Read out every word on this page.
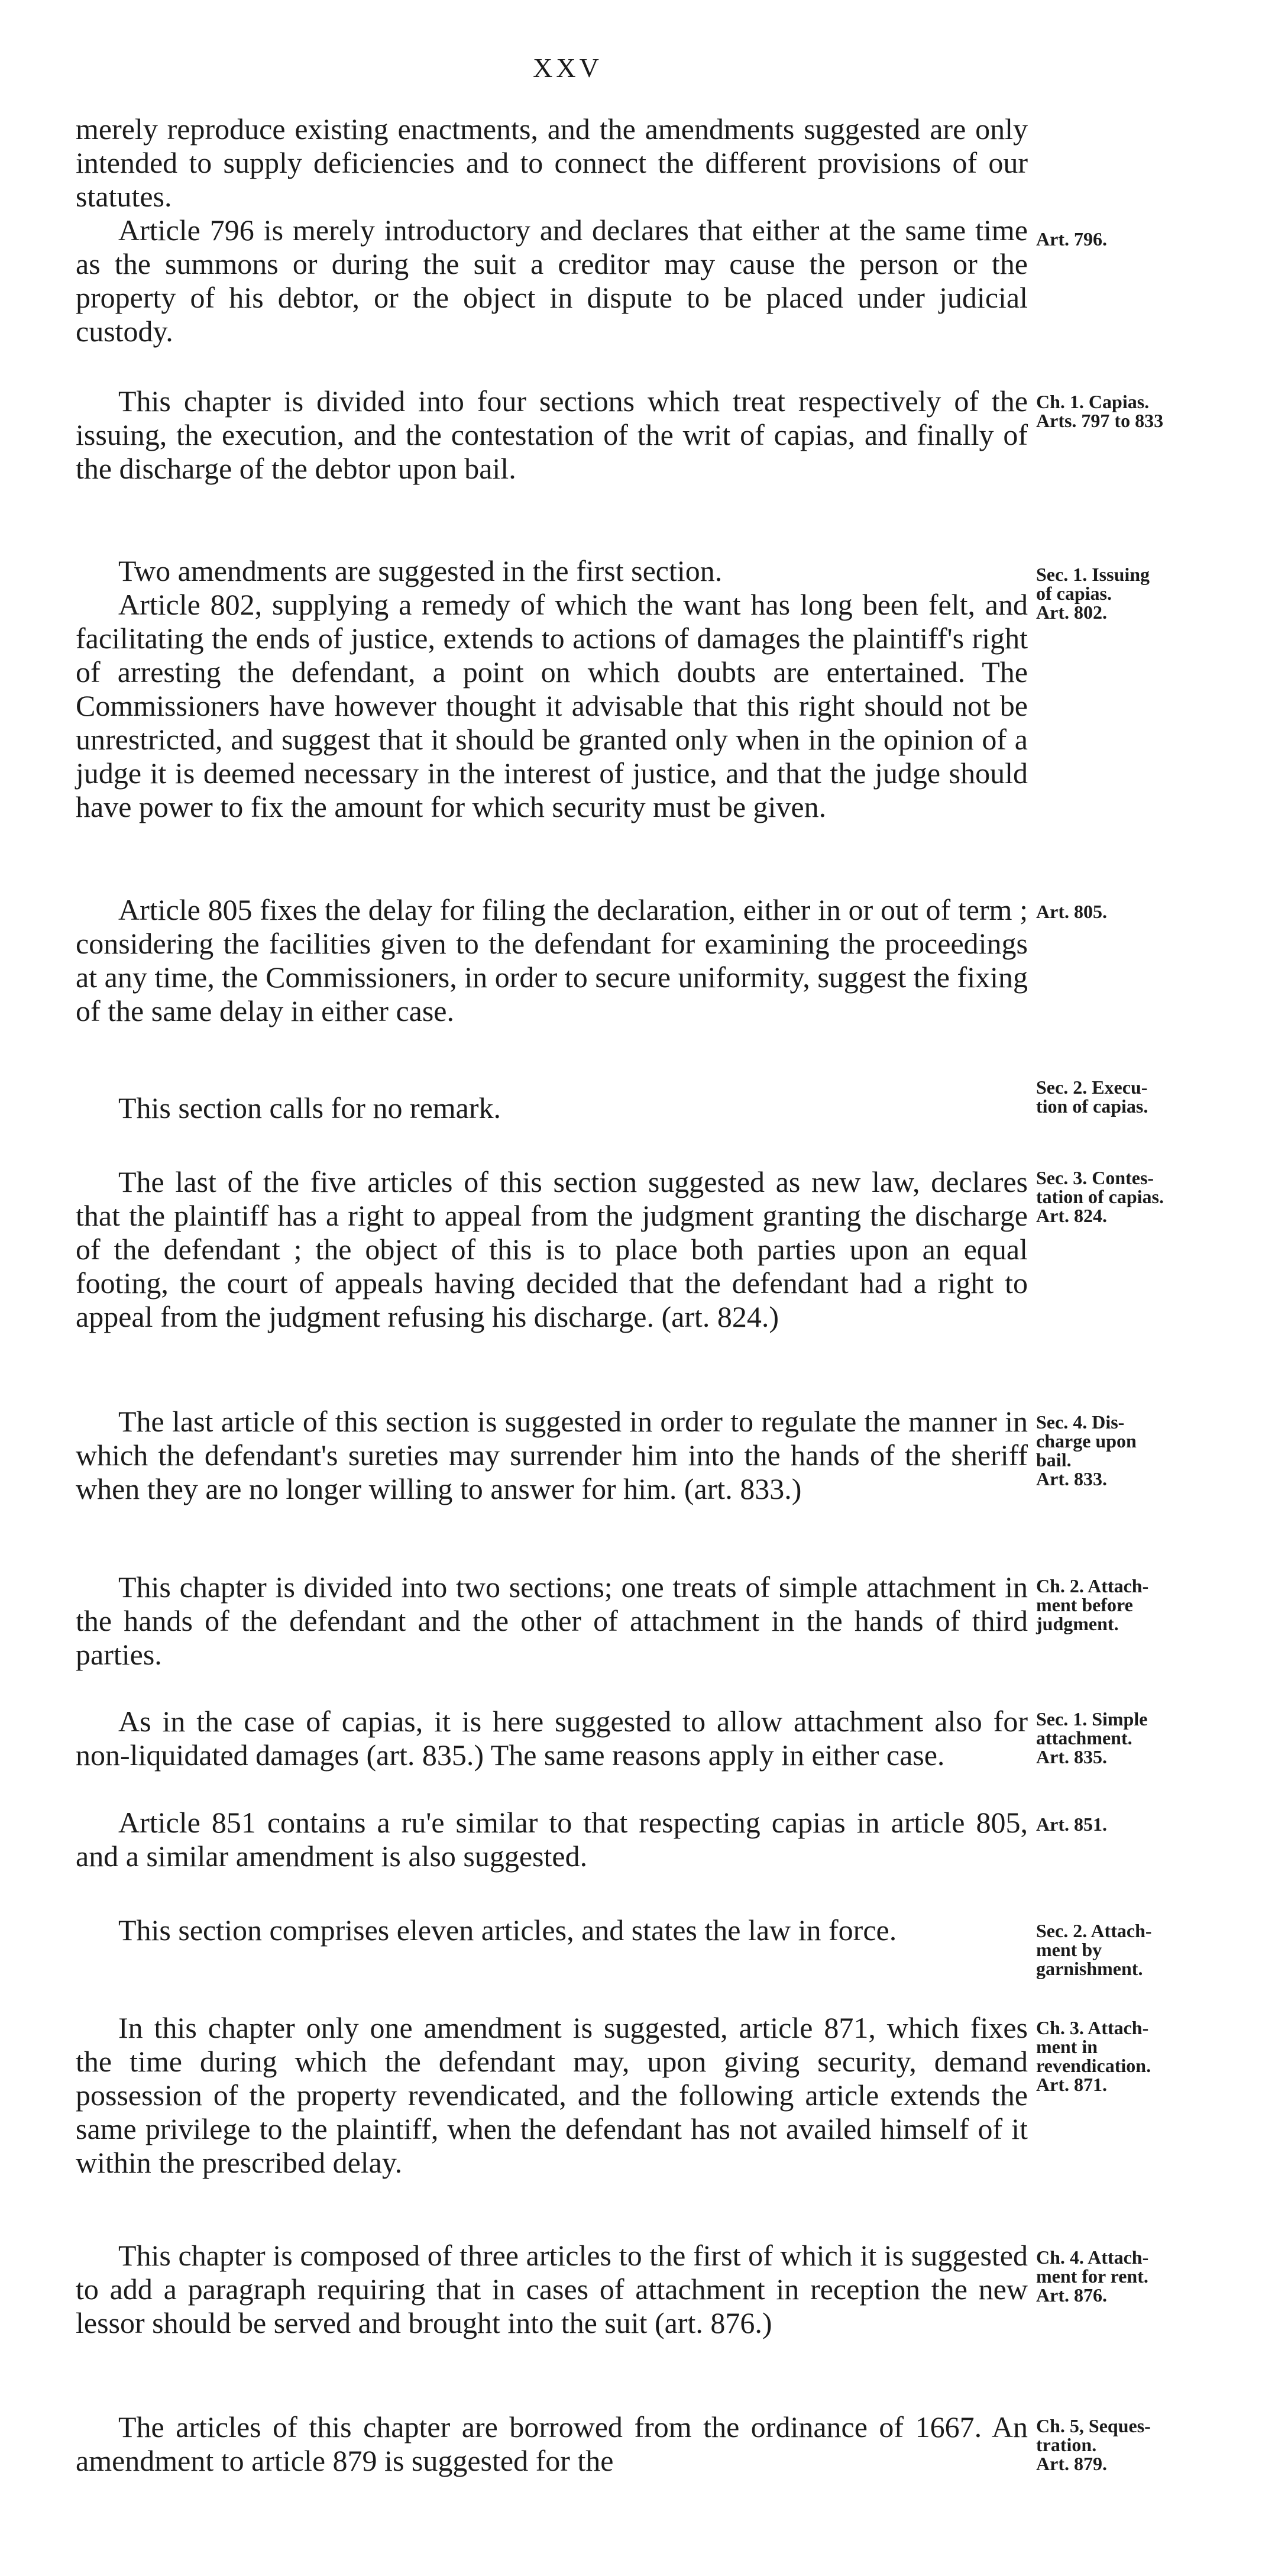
XXV

merely reproduce existing enactments, and the amendments suggested are only intended to supply deficiencies and to connect the different provisions of our statutes.

Article 796 is merely introductory and declares that either at the same time as the summons or during the suit a creditor may cause the person or the property of his debtor, or the object in dispute to be placed under judicial custody.

This chapter is divided into four sections which treat respectively of the issuing, the execution, and the contestation of the writ of capias, and finally of the discharge of the debtor upon bail.

Two amendments are suggested in the first section.

Article 802, supplying a remedy of which the want has long been felt, and facilitating the ends of justice, extends to actions of damages the plaintiff's right of arresting the defendant, a point on which doubts are entertained. The Commissioners have however thought it advisable that this right should not be unrestricted, and suggest that it should be granted only when in the opinion of a judge it is deemed necessary in the interest of justice, and that the judge should have power to fix the amount for which security must be given.

Article 805 fixes the delay for filing the declaration, either in or out of term ; considering the facilities given to the defendant for examining the proceedings at any time, the Commissioners, in order to secure uniformity, suggest the fixing of the same delay in either case.

This section calls for no remark.

The last of the five articles of this section suggested as new law, declares that the plaintiff has a right to appeal from the judgment granting the discharge of the defendant ; the object of this is to place both parties upon an equal footing, the court of appeals having decided that the defendant had a right to appeal from the judgment refusing his discharge. (art. 824.)

The last article of this section is suggested in order to regulate the manner in which the defendant's sureties may surrender him into the hands of the sheriff when they are no longer willing to answer for him. (art. 833.)

This chapter is divided into two sections; one treats of simple attachment in the hands of the defendant and the other of attachment in the hands of third parties.

As in the case of capias, it is here suggested to allow attachment also for non-liquidated damages (art. 835.) The same reasons apply in either case.

Article 851 contains a ru'e similar to that respecting capias in article 805, and a similar amendment is also suggested.

This section comprises eleven articles, and states the law in force.

In this chapter only one amendment is suggested, article 871, which fixes the time during which the defendant may, upon giving security, demand possession of the property revendicated, and the following article extends the same privilege to the plaintiff, when the defendant has not availed himself of it within the prescribed delay.

This chapter is composed of three articles to the first of which it is suggested to add a paragraph requiring that in cases of attachment in reception the new lessor should be served and brought into the suit (art. 876.)

The articles of this chapter are borrowed from the ordinance of 1667. An amendment to article 879 is suggested for the

Art. 796.

Ch. 1. Capias.
Arts. 797 to 833

Sec. 1. Issuing
of capias.
Art. 802.

Art. 805.

Sec. 2. Execu-
tion of capias.

Sec. 3. Contes-
tation of capias.
Art. 824.

Sec. 4. Dis-
charge upon
bail.
Art. 833.

Ch. 2. Attach-
ment before
judgment.

Sec. 1. Simple
attachment.
Art. 835.

Art. 851.

Sec. 2. Attach-
ment by
garnishment.

Ch. 3. Attach-
ment in
revendication.
Art. 871.

Ch. 4. Attach-
ment for rent.
Art. 876.

Ch. 5, Seques-
tration.
Art. 879.
